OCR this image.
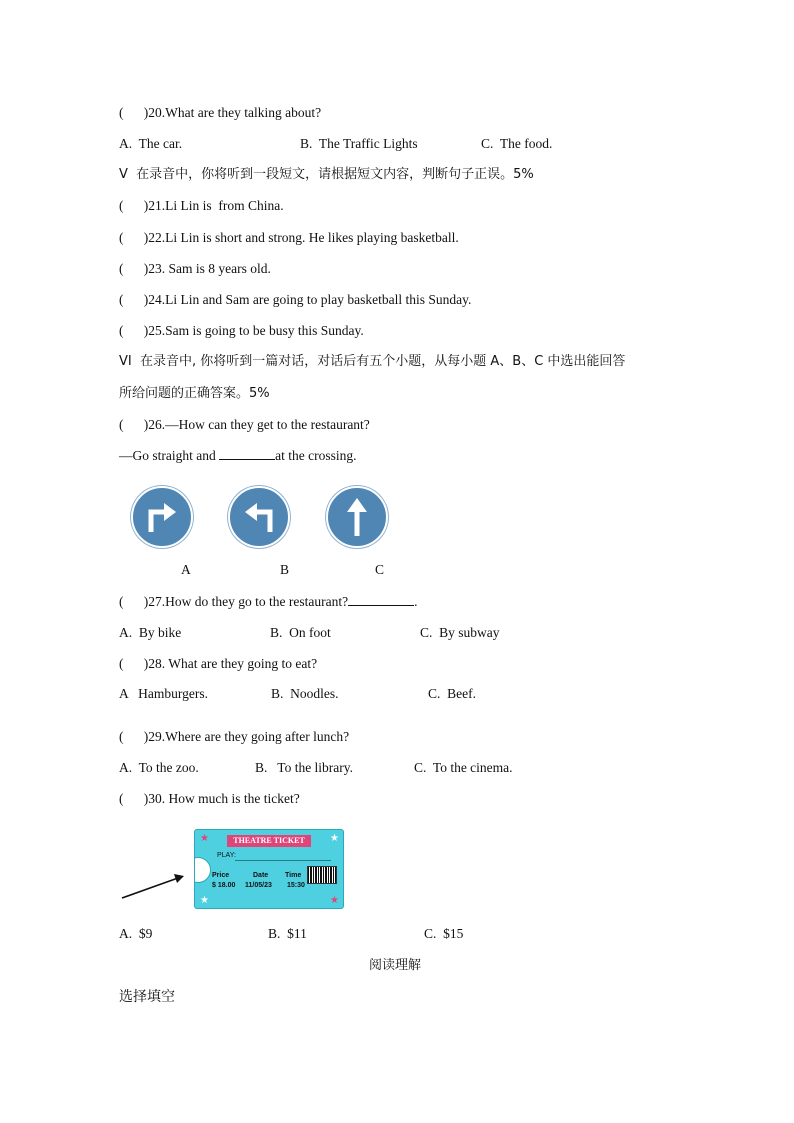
(      )20.What are they talking about?
A.  The car.	B.  The Traffic Lights	C.  The food.
V  在录音中，你将听到一段短文，请根据短文内容，判断句子正误。5%
(      )21.Li Lin is  from China.
(      )22.Li Lin is short and strong. He likes playing basketball.
(      )23. Sam is 8 years old.
(      )24.Li Lin and Sam are going to play basketball this Sunday.
(      )25.Sam is going to be busy this Sunday.
VI  在录音中, 你将听到一篇对话，对话后有五个小题，从每小题 A、B、C 中选出能回答
所给问题的正确答案。5%
(      )26.—How can they get to the restaurant?
—Go straight and	at the crossing.
A	B	C
(      )27.How do they go to the restaurant?	.
A.  By bike	B.  On foot	C.  By subway
(      )28. What are they going to eat?
A   Hamburgers.	B.  Noodles.	C.  Beef.
(      )29.Where are they going after lunch?
A.  To the zoo.	B.   To the library.	C.  To the cinema.
(      )30. How much is the ticket?
★	★
★	★
THEATRE TICKET
PLAY:
Price	Date Time
$ 18.00 11/05/23 15:30
A.  $9	B.  $11	C.  $15
阅读理解
选择填空
